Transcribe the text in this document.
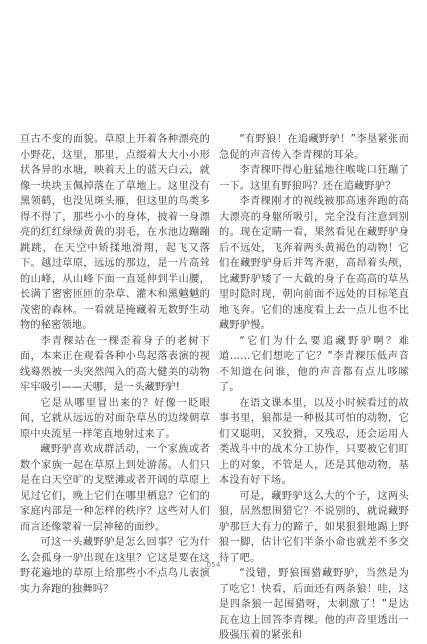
亘古不变的面貌。草原上开着各种漂亮的小野花，这里，那里，点缀着大大小小形状各异的水塘，映着天上的蓝天白云，就像一块块玉佩掉落在了草地上。这里没有黑领鹤，也没见斑头雁，但这里的鸟类多得不得了，那些小小的身体，披着一身漂亮的红红绿绿黄黄的羽毛，在水池边蹦蹦跳跳，在天空中矫揉地滑翔，起飞又落下。越过草原，远远的那边，是一片高耸的山峰，从山峰下面一直延伸到半山腰，长满了密密匝匝的杂草、灌木和黑魆魆的茂密的森林。一看就是掩藏着无数野生动物的秘密领地。

李青稞站在一棵歪着身子的老树下面，本来正在观看各种小鸟起落表演的视线蓦然被一头突然闯入的高大健美的动物牢牢吸引——天哪，是一头藏野驴!

它是从哪里冒出来的？好像一眨眼间，它就从远远的对面杂草丛的边缘朝草原中央流星一样笔直地射过来了。

藏野驴喜欢成群活动，一个家族或者数个家族一起在草原上到处游荡。人们只是在白天空旷的戈壁滩或者开阔的草原上见过它们，晚上它们在哪里栖息？它们的家庭内部是一种怎样的秩序？这些对人们而言还像蒙着一层神秘的面纱。

可这一头藏野驴是怎么回事？它为什么会孤身一驴出现在这里？它这是要在这野花遍地的草原上给那些小不点鸟儿表演实力奔跑的独舞吗？

“有野狼！在追藏野驴！”李垦紧张而急促的声音传入李青稞的耳朵。

李青稞吓得心脏猛地往喉咙口狂蹦了一下。这里有野狼吗？还在追藏野驴？

李青稞刚才的视线被那高速奔跑的高大漂亮的身躯所吸引，完全没有注意到别的。现在定睛一看，果然看见在藏野驴身后不远处，飞奔着两头黄褐色的动物！它们在藏野驴身后并驾齐驱，高昂着头颅，比藏野驴矮了一大截的身子在高高的草丛里时隐时现，朝向前面不远处的目标笔直地飞奔。它们的速度看上去一点儿也不比藏野驴慢。

“它们为什么要追藏野驴啊？难道……它们想吃了它？”李青稞压低声音不知道在问谁，他的声音都有点儿哆嗦了。

在语文课本里，以及小时候看过的故事书里，狼都是一种极其可怕的动物，它们又聪明，又狡猾，又残忍，还会运用人类战斗中的战术分工协作，只要被它们盯上的对象，不管是人，还是其他动物，基本没有好下场。

可是，藏野驴这么大的个子，这两头狼，居然想围猎它？不说别的，就说藏野驴那巨大有力的蹄子，如果狠狠地踢上野狼一脚，估计它们半条小命也就差不多交待了吧。

“没错，野狼围猎藏野驴，当然是为了吃它！快看，后面还有两条狼！哇，这是四条狼一起围猎呀，太刺激了！”是达瓦在边上回答李青稞。他的声音里透出一股强压着的紧张和

054
